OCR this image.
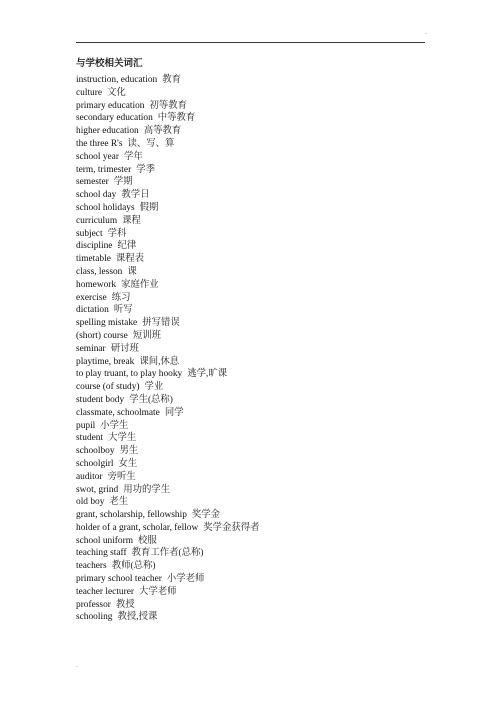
.
与学校相关词汇
instruction, education 教育
culture 文化
primary education 初等教育
secondary education 中等教育
higher education 高等教育
the three R's 读、写、算
school year 学年
term, trimester 学季
semester 学期
school day 教学日
school holidays 假期
curriculum 课程
subject 学科
discipline 纪律
timetable 课程表
class, lesson 课
homework 家庭作业
exercise 练习
dictation 听写
spelling mistake 拼写错误
(short) course 短训班
seminar 研讨班
playtime, break 课间,休息
to play truant, to play hooky 逃学,旷课
course (of study) 学业
student body 学生(总称)
classmate, schoolmate 同学
pupil 小学生
student 大学生
schoolboy 男生
schoolgirl 女生
auditor 旁听生
swot, grind 用功的学生
old boy 老生
grant, scholarship, fellowship 奖学金
holder of a grant, scholar, fellow 奖学金获得者
school uniform 校服
teaching staff 教育工作者(总称)
teachers 教师(总称)
primary school teacher 小学老师
teacher lecturer 大学老师
professor 教授
schooling 教授,授课
.
